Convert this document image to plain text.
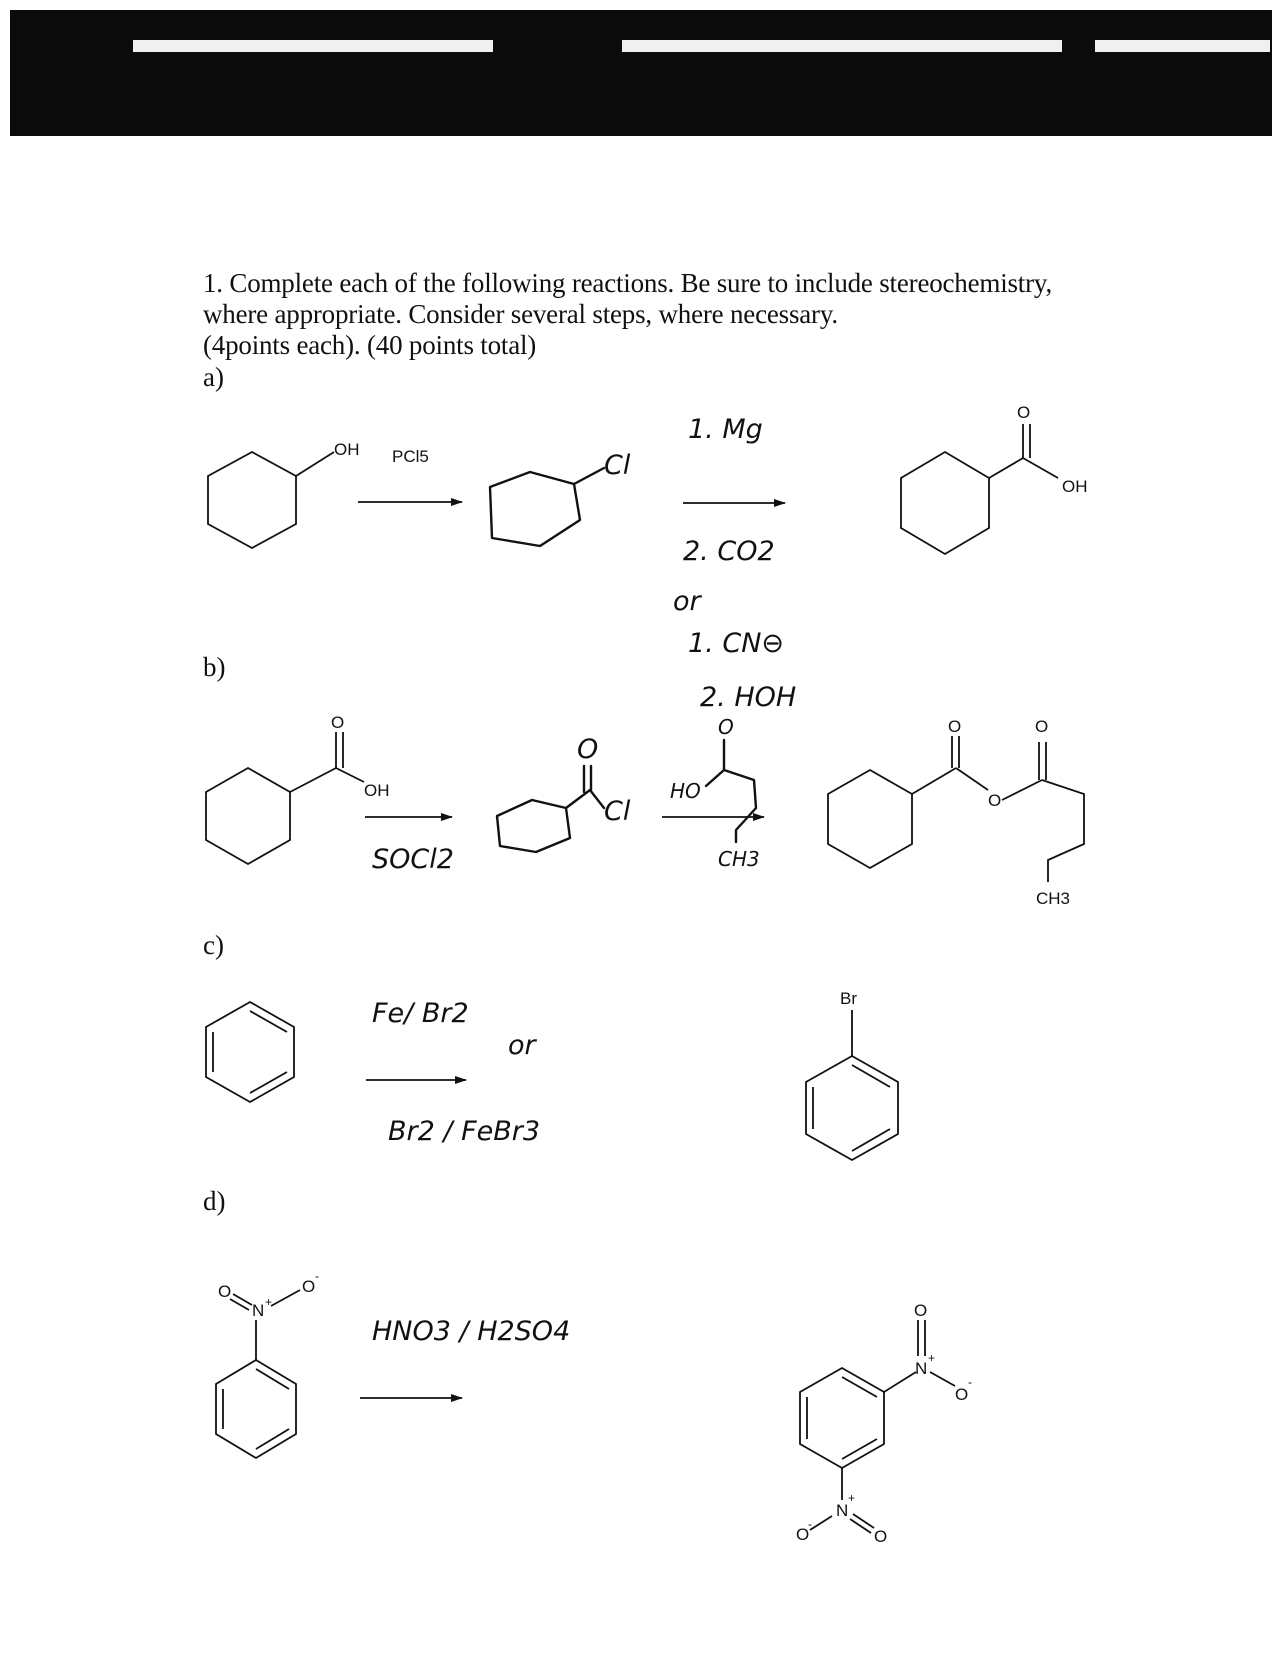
1. Complete each of the following reactions. Be sure to include stereochemistry,
where appropriate. Consider several steps, where necessary.
(4points each). (40 points total)
a)
b)
c)
d)
OH PCl5	Cl
1. Mg
2. CO2
or
1. CN⊖
2. HOH
O
OH
O
OH
SOCl2
O
Cl
HO
O
CH3
O
O
O
CH3
Fe/ Br2
or
Br2 / FeBr3
Br
O
N +
O
-
HNO3 / H2SO4
N
+
O
O
-
N
+
O
-
O
